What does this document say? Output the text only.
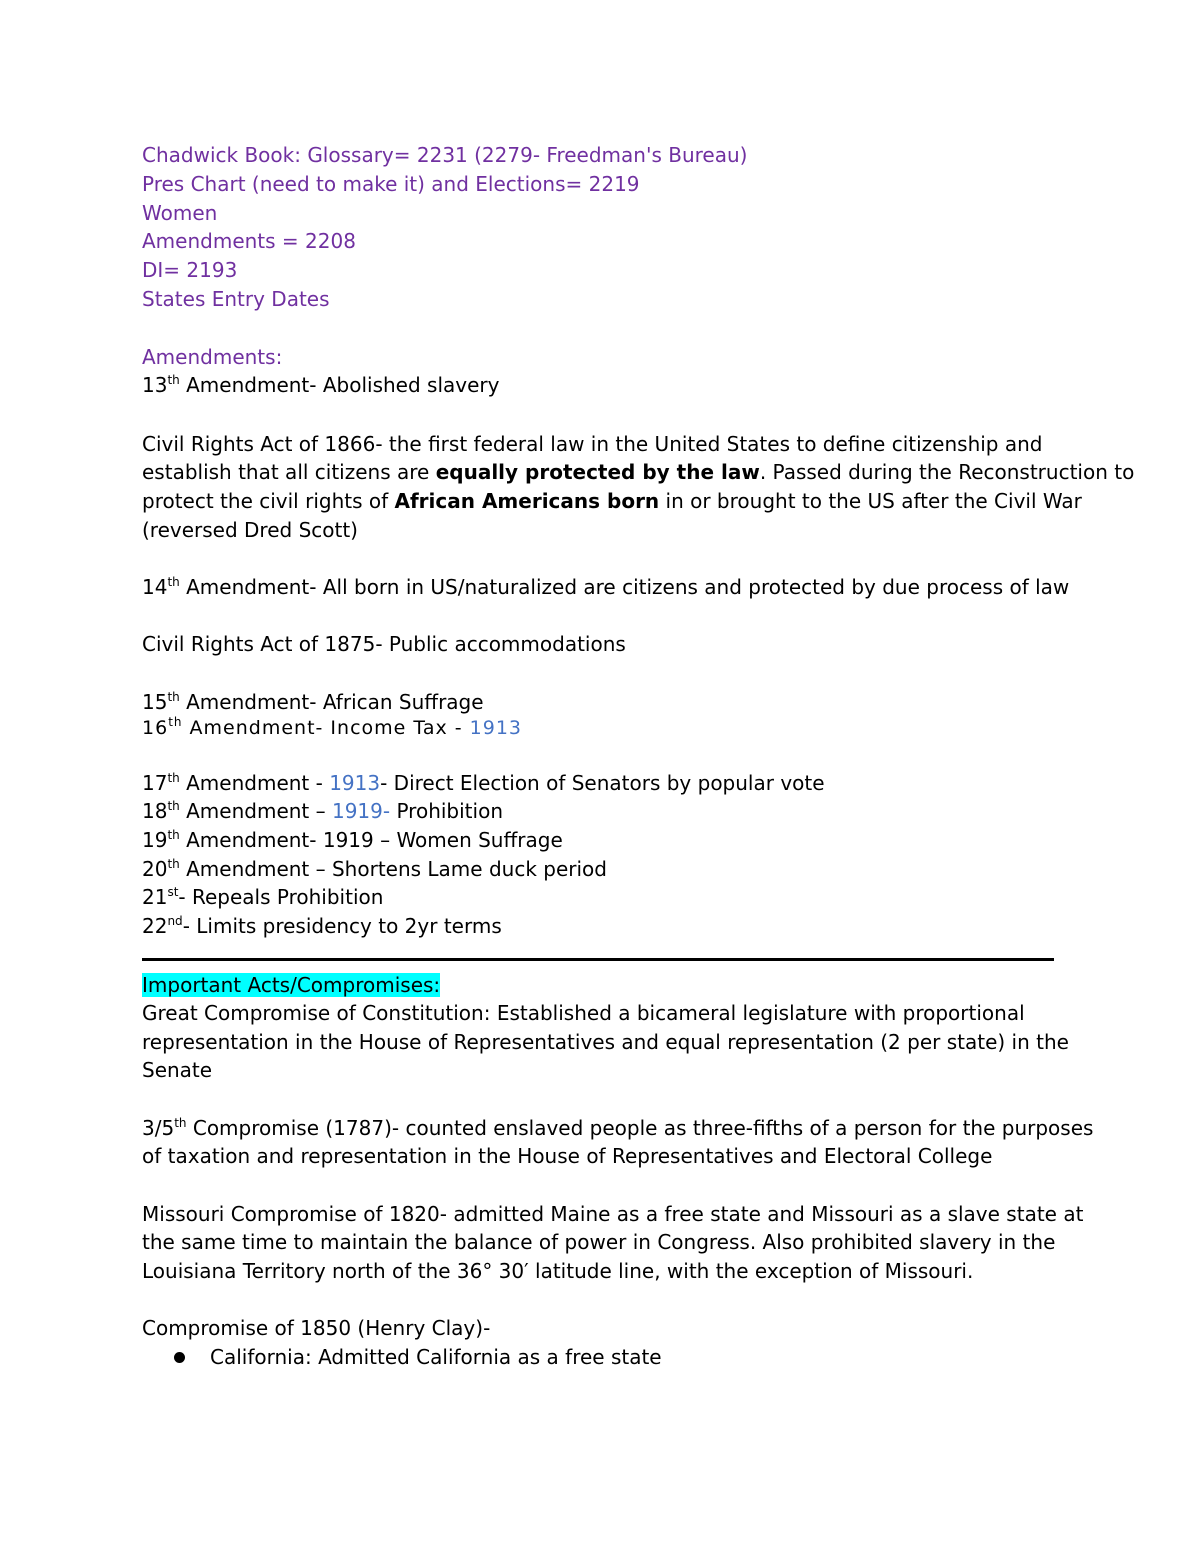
Chadwick Book: Glossary= 2231 (2279- Freedman's Bureau)
Pres Chart (need to make it) and Elections= 2219
Women
Amendments = 2208
DI= 2193
States Entry Dates
Amendments:
13th Amendment- Abolished slavery
Civil Rights Act of 1866- the first federal law in the United States to define citizenship and
establish that all citizens are equally protected by the law. Passed during the Reconstruction to
protect the civil rights of African Americans born in or brought to the US after the Civil War
(reversed Dred Scott)
14th Amendment- All born in US/naturalized are citizens and protected by due process of law
Civil Rights Act of 1875- Public accommodations
15th Amendment- African Suffrage
16th Amendment- Income Tax - 1913
17th Amendment - 1913- Direct Election of Senators by popular vote
18th Amendment – 1919- Prohibition
19th Amendment- 1919 – Women Suffrage
20th Amendment – Shortens Lame duck period
21st- Repeals Prohibition
22nd- Limits presidency to 2yr terms
Important Acts/Compromises:
Great Compromise of Constitution: Established a bicameral legislature with proportional
representation in the House of Representatives and equal representation (2 per state) in the
Senate
3/5th Compromise (1787)- counted enslaved people as three-fifths of a person for the purposes
of taxation and representation in the House of Representatives and Electoral College
Missouri Compromise of 1820- admitted Maine as a free state and Missouri as a slave state at
the same time to maintain the balance of power in Congress. Also prohibited slavery in the
Louisiana Territory north of the 36° 30′ latitude line, with the exception of Missouri.
Compromise of 1850 (Henry Clay)-
California: Admitted California as a free state
